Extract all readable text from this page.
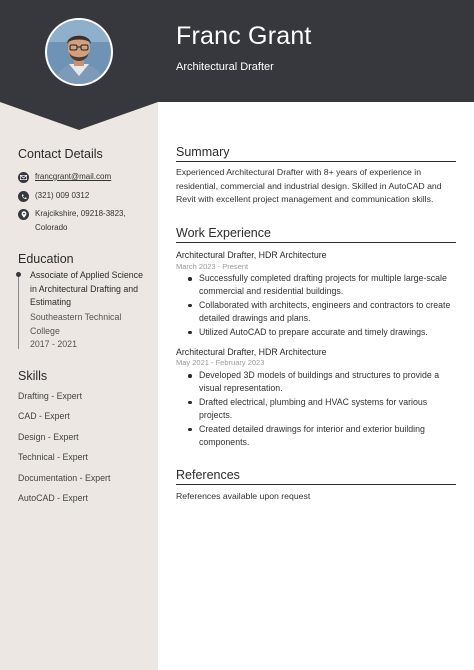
Franc Grant
Architectural Drafter
Contact Details
francgrant@mail.com
(321) 009 0312
Krajcikshire, 09218-3823,
Colorado
Education
Associate of Applied Science in Architectural Drafting and Estimating
Southeastern Technical College
2017 - 2021
Skills
Drafting - Expert
CAD - Expert
Design - Expert
Technical - Expert
Documentation - Expert
AutoCAD - Expert
Summary
Experienced Architectural Drafter with 8+ years of experience in residential, commercial and industrial design. Skilled in AutoCAD and Revit with excellent project management and communication skills.
Work Experience
Architectural Drafter, HDR Architecture
March 2023 - Present
Successfully completed drafting projects for multiple large-scale commercial and residential buildings.
Collaborated with architects, engineers and contractors to create detailed drawings and plans.
Utilized AutoCAD to prepare accurate and timely drawings.
Architectural Drafter, HDR Architecture
May 2021 - February 2023
Developed 3D models of buildings and structures to provide a visual representation.
Drafted electrical, plumbing and HVAC systems for various projects.
Created detailed drawings for interior and exterior building components.
References
References available upon request
